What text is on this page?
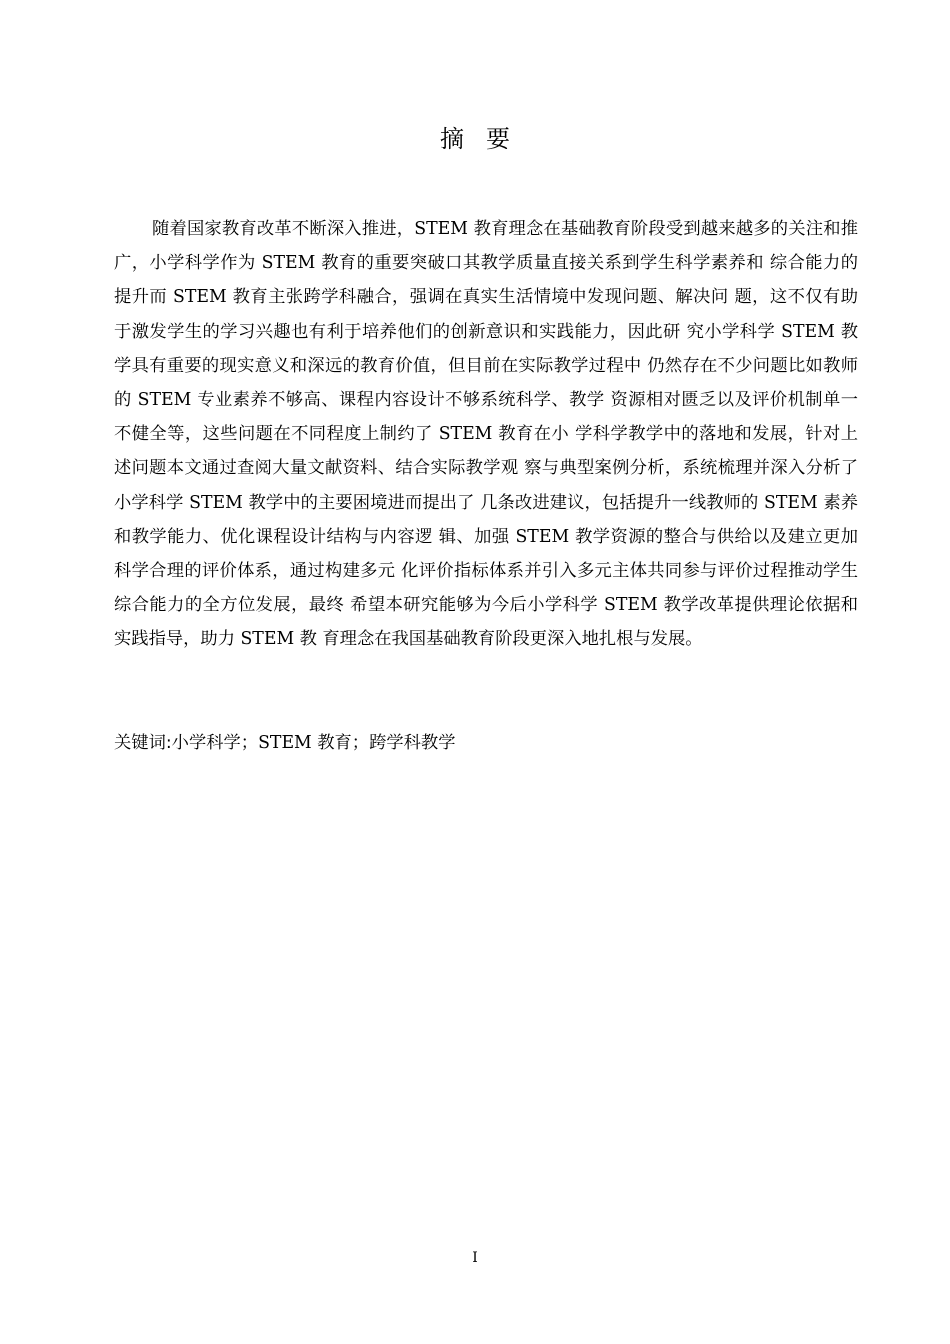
摘要

随着国家教育改革不断深入推进，STEM 教育理念在基础教育阶段受到越来越多的关注和推广，小学科学作为 STEM 教育的重要突破口其教学质量直接关系到学生科学素养和 综合能力的提升而 STEM 教育主张跨学科融合，强调在真实生活情境中发现问题、解决问 题，这不仅有助于激发学生的学习兴趣也有利于培养他们的创新意识和实践能力，因此研 究小学科学 STEM 教学具有重要的现实意义和深远的教育价值，但目前在实际教学过程中 仍然存在不少问题比如教师的 STEM 专业素养不够高、课程内容设计不够系统科学、教学 资源相对匮乏以及评价机制单一不健全等，这些问题在不同程度上制约了 STEM 教育在小 学科学教学中的落地和发展，针对上述问题本文通过查阅大量文献资料、结合实际教学观 察与典型案例分析，系统梳理并深入分析了小学科学 STEM 教学中的主要困境进而提出了 几条改进建议，包括提升一线教师的 STEM 素养和教学能力、优化课程设计结构与内容逻 辑、加强 STEM 教学资源的整合与供给以及建立更加科学合理的评价体系，通过构建多元 化评价指标体系并引入多元主体共同参与评价过程推动学生综合能力的全方位发展，最终 希望本研究能够为今后小学科学 STEM 教学改革提供理论依据和实践指导，助力 STEM 教 育理念在我国基础教育阶段更深入地扎根与发展。

关键词:小学科学；STEM 教育；跨学科教学

I
